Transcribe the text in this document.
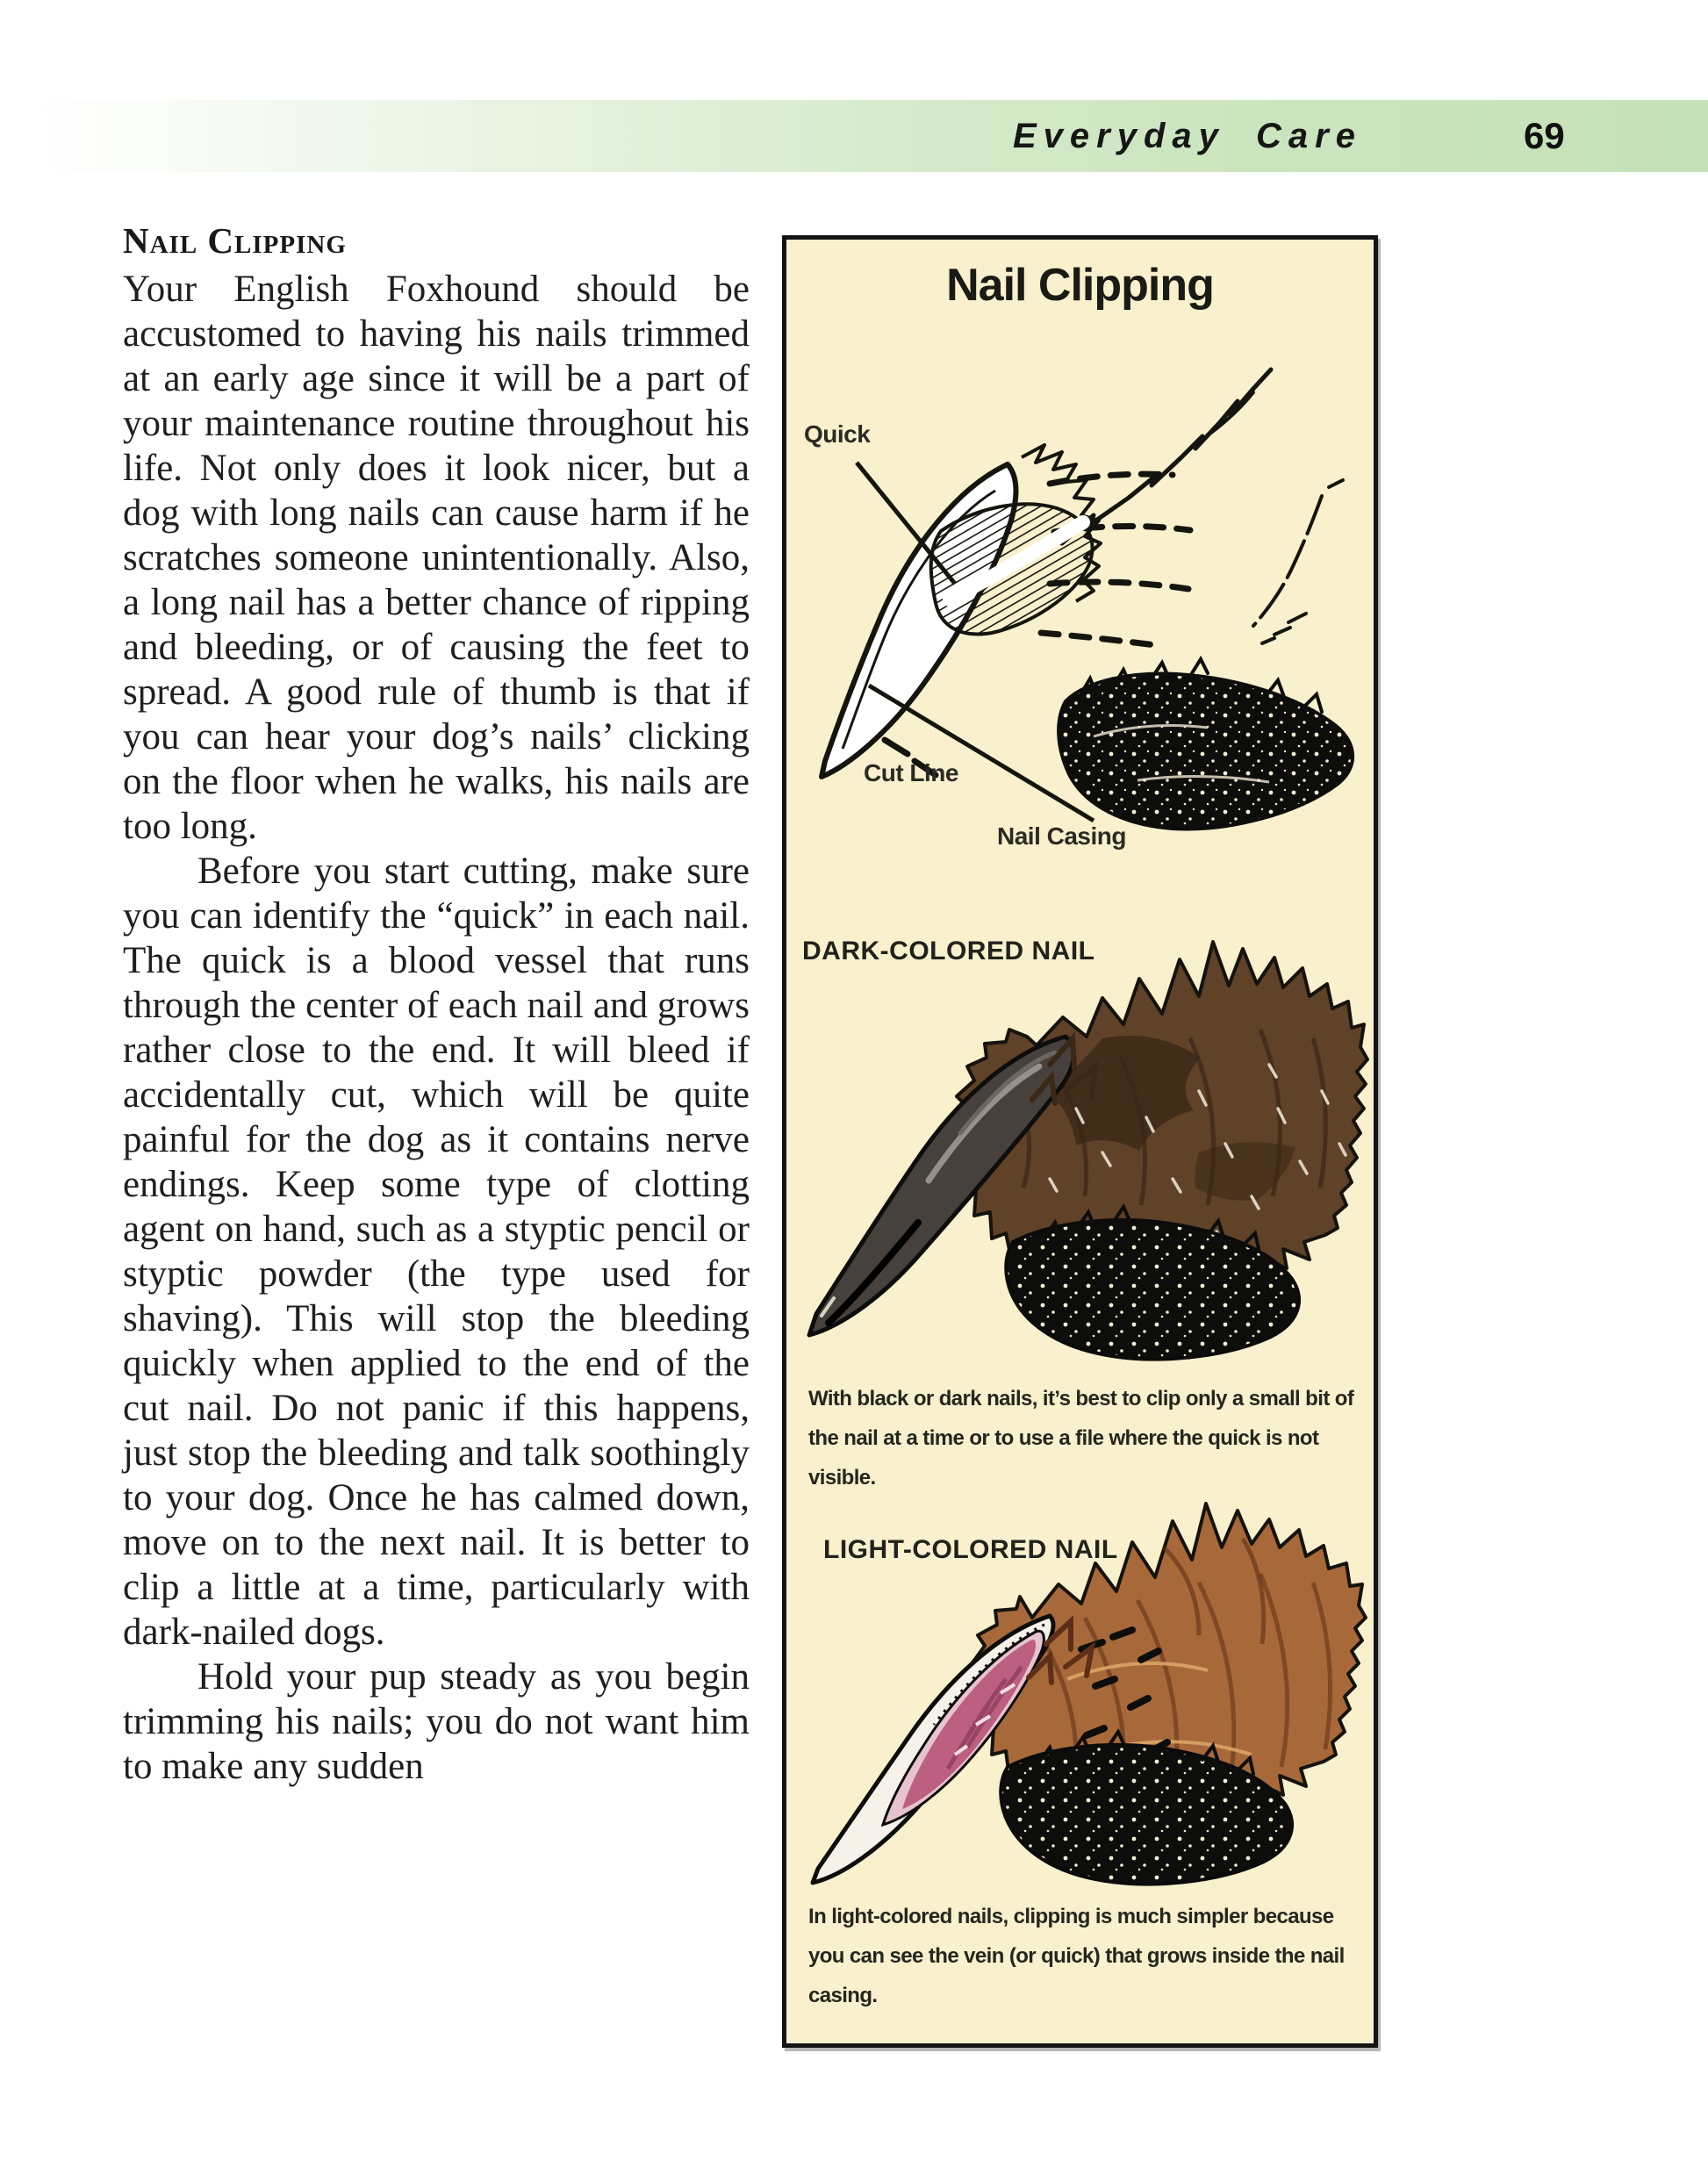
Everyday Care	69
Nail Clipping

Your English Foxhound should be accustomed to having his nails trimmed at an early age since it will be a part of your maintenance routine throughout his life. Not only does it look nicer, but a dog with long nails can cause harm if he scratches someone unintentionally. Also, a long nail has a better chance of ripping and bleeding, or of causing the feet to spread. A good rule of thumb is that if you can hear your dog’s nails’ clicking on the floor when he walks, his nails are too long.

Before you start cutting, make sure you can identify the “quick” in each nail. The quick is a blood vessel that runs through the center of each nail and grows rather close to the end. It will bleed if accidentally cut, which will be quite painful for the dog as it contains nerve endings. Keep some type of clotting agent on hand, such as a styptic pencil or styptic powder (the type used for shaving). This will stop the bleeding quickly when applied to the end of the cut nail. Do not panic if this happens, just stop the bleeding and talk soothingly to your dog. Once he has calmed down, move on to the next nail. It is better to clip a little at a time, particularly with dark-nailed dogs.

Hold your pup steady as you begin trimming his nails; you do not want him to make any sudden

Nail Clipping
Quick
Cut Line
Nail Casing
DARK-COLORED NAIL
With black or dark nails, it’s best to clip only a small bit of the nail at a time or to use a file where the quick is not visible.
LIGHT-COLORED NAIL
In light-colored nails, clipping is much simpler because you can see the vein (or quick) that grows inside the nail casing.
